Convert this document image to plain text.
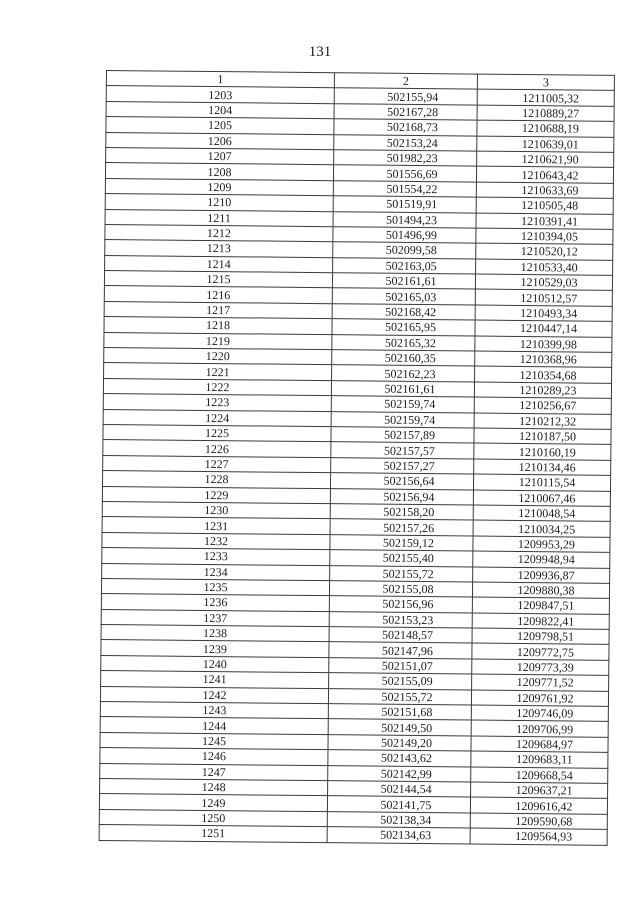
131
1	2	3
1203	502155,94	1211005,32
1204	502167,28	1210889,27
1205	502168,73	1210688,19
1206	502153,24	1210639,01
1207	501982,23	1210621,90
1208	501556,69	1210643,42
1209	501554,22	1210633,69
1210	501519,91	1210505,48
1211	501494,23	1210391,41
1212	501496,99	1210394,05
1213	502099,58	1210520,12
1214	502163,05	1210533,40
1215	502161,61	1210529,03
1216	502165,03	1210512,57
1217	502168,42	1210493,34
1218	502165,95	1210447,14
1219	502165,32	1210399,98
1220	502160,35	1210368,96
1221	502162,23	1210354,68
1222	502161,61	1210289,23
1223	502159,74	1210256,67
1224	502159,74	1210212,32
1225	502157,89	1210187,50
1226	502157,57	1210160,19
1227	502157,27	1210134,46
1228	502156,64	1210115,54
1229	502156,94	1210067,46
1230	502158,20	1210048,54
1231	502157,26	1210034,25
1232	502159,12	1209953,29
1233	502155,40	1209948,94
1234	502155,72	1209936,87
1235	502155,08	1209880,38
1236	502156,96	1209847,51
1237	502153,23	1209822,41
1238	502148,57	1209798,51
1239	502147,96	1209772,75
1240	502151,07	1209773,39
1241	502155,09	1209771,52
1242	502155,72	1209761,92
1243	502151,68	1209746,09
1244	502149,50	1209706,99
1245	502149,20	1209684,97
1246	502143,62	1209683,11
1247	502142,99	1209668,54
1248	502144,54	1209637,21
1249	502141,75	1209616,42
1250	502138,34	1209590,68
1251	502134,63	1209564,93
